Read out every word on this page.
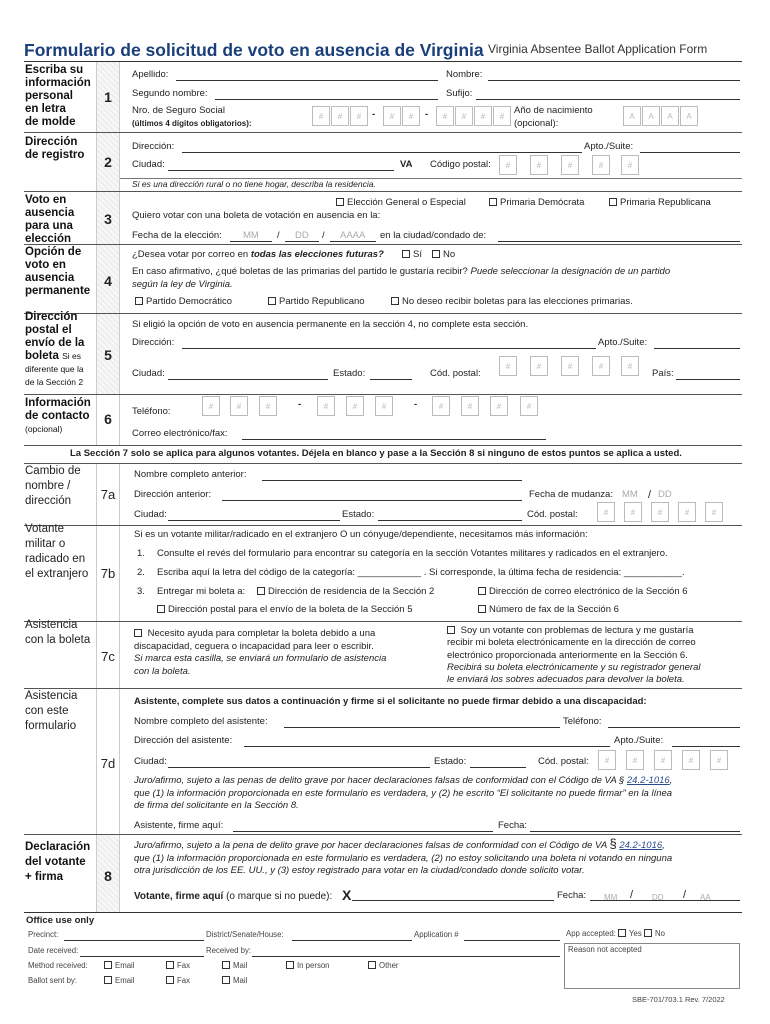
Formulario de solicitud de voto en ausencia de Virginia Virginia Absentee Ballot Application Form
1
Escriba su
información
personal
en letra
de molde
Apellido:	Nombre:
Segundo nombre:	Sufijo:
Nro. de Seguro Social
(últimos 4 dígitos obligatorios):
#	#	#	-	#	#	-	#	#	#	#
Año de nacimiento
(opcional):
A	A	A	A
2
Dirección
de registro
Dirección:	Apto./Suite:
Ciudad:	VA Código postal:	#	#	#	#	#
Si es una dirección rural o no tiene hogar, describa la residencia.
3
Voto en
ausencia
para una
elección
Elección General o Especial	Primaria Demócrata	Primaria Republicana
Quiero votar con una boleta de votación en ausencia en la:
Fecha de la elección: MM / DD / AAAA en la ciudad/condado de:
4
Opción de
voto en
ausencia
permanente
¿Desea votar por correo en todas las elecciones futuras?	Sí	No
En caso afirmativo, ¿qué boletas de las primarias del partido le gustaría recibir? Puede seleccionar la designación de un partido
según la ley de Virginia.
Partido Democrático	Partido Republicano	No deseo recibir boletas para las elecciones primarias.
5
Dirección
postal el
envío de la
boleta Si es
diferente que la
de la Sección 2
Si eligió la opción de voto en ausencia permanente en la sección 4, no complete esta sección.
Dirección:	Apto./Suite:
Ciudad:	Estado:	Cód. postal:
#	#	#	#	#
País:
6
Información
de contacto
(opcional)
Teléfono:	#	#	#	-	#	#	#	-	#	#	#	#
Correo electrónico/fax:
La Sección 7 solo se aplica para algunos votantes. Déjela en blanco y pase a la Sección 8 si ninguno de estos puntos se aplica a usted.
7a
Cambio de
nombre /
dirección
Nombre completo anterior:
Dirección anterior:	Fecha de mudanza: MM / DD
Ciudad:	Estado:	Cód. postal:	#	#	#	#	#
7b
Votante
militar o
radicado en
el extranjero
Si es un votante militar/radicado en el extranjero O un cónyuge/dependiente, necesitamos más información:
1. Consulte el revés del formulario para encontrar su categoría en la sección Votantes militares y radicados en el extranjero.
2. Escriba aquí la letra del código de la categoría: ____________ . Si corresponde, la última fecha de residencia: ___________.
3. Entregar mi boleta a:	Dirección de residencia de la Sección 2	Dirección de correo electrónico de la Sección 6
Dirección postal para el envío de la boleta de la Sección 5	Número de fax de la Sección 6
7c
Asistencia
con la boleta
Necesito ayuda para completar la boleta debido a una
discapacidad, ceguera o incapacidad para leer o escribir.
Si marca esta casilla, se enviará un formulario de asistencia
con la boleta.
Soy un votante con problemas de lectura y me gustaría
recibir mi boleta electrónicamente en la dirección de correo
electrónico proporcionada anteriormente en la Sección 6.
Recibirá su boleta electrónicamente y su registrador general
le enviará los sobres adecuados para devolver la boleta.
7d
Asistencia
con este
formulario
Asistente, complete sus datos a continuación y firme si el solicitante no puede firmar debido a una discapacidad:
Nombre completo del asistente:	Teléfono:
Dirección del asistente:	Apto./Suite:
Ciudad:	Estado:	Cód. postal:	#	#	#	#	#
Juro/afirmo, sujeto a las penas de delito grave por hacer declaraciones falsas de conformidad con el Código de VA § 24.2-1016,
que (1) la información proporcionada en este formulario es verdadera, y (2) he escrito “El solicitante no puede firmar” en la línea
de firma del solicitante en la Sección 8.
Asistente, firme aquí:	Fecha:
8
Declaración
del votante
+ firma
Juro/afirmo, sujeto a la pena de delito grave por hacer declaraciones falsas de conformidad con el Código de VA § 24.2-1016,
que (1) la información proporcionada en este formulario es verdadera, (2) no estoy solicitando una boleta ni votando en ninguna
otra jurisdicción de los EE. UU., y (3) estoy registrado para votar en la ciudad/condado donde solicito votar.
Votante, firme aquí (o marque si no puede): X	Fecha: MM / DD / AA
Office use only
Precinct:	District/Senate/House:	Application #	App accepted: Yes No
Date received:	Received by:	Reason not accepted
Method received:	Email	Fax	Mail	In person	Other
Ballot sent by:	Email	Fax	Mail
SBE-701/703.1 Rev. 7/2022
